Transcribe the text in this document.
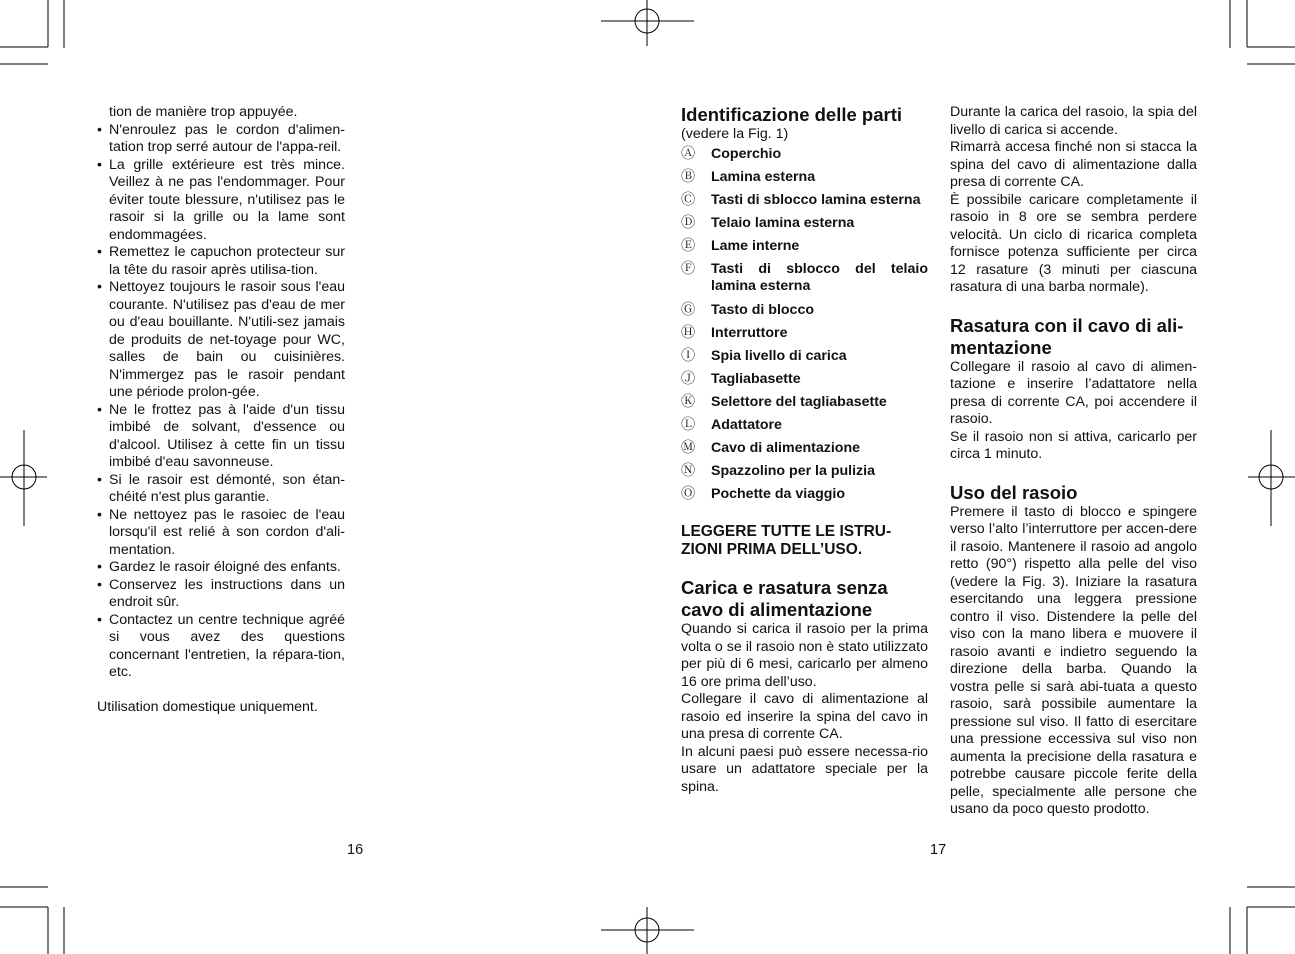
tion de manière trop appuyée.

• N'enroulez pas le cordon d'alimen-tation trop serré autour de l'appa-reil.
• La grille extérieure est très mince. Veillez à ne pas l'endommager. Pour éviter toute blessure, n'utilisez pas le rasoir si la grille ou la lame sont endommagées.
• Remettez le capuchon protecteur sur la tête du rasoir après utilisa-tion.
• Nettoyez toujours le rasoir sous l'eau courante. N'utilisez pas d'eau de mer ou d'eau bouillante. N'utili-sez jamais de produits de net-toyage pour WC, salles de bain ou cuisinières. N'immergez pas le rasoir pendant une période prolon-gée.
• Ne le frottez pas à l'aide d'un tissu imbibé de solvant, d'essence ou d'alcool. Utilisez à cette fin un tissu imbibé d'eau savonneuse.
• Si le rasoir est démonté, son étan-chéité n'est plus garantie.
• Ne nettoyez pas le rasoiec de l'eau lorsqu'il est relié à son cordon d'ali-mentation.
• Gardez le rasoir éloigné des enfants.
• Conservez les instructions dans un endroit sûr.
• Contactez un centre technique agréé si vous avez des questions concernant l'entretien, la répara-tion, etc.

Utilisation domestique uniquement.

16
Identificazione delle parti

(vedere la Fig. 1)

Ⓐ Coperchio
Ⓑ Lamina esterna
Ⓒ Tasti di sblocco lamina esterna
Ⓓ Telaio lamina esterna
Ⓔ Lame interne
Ⓕ Tasti di sblocco del telaio lamina esterna
Ⓖ Tasto di blocco
Ⓗ Interruttore
Ⓘ Spia livello di carica
Ⓙ Tagliabasette
Ⓚ Selettore del tagliabasette
Ⓛ Adattatore
Ⓜ Cavo di alimentazione
Ⓝ Spazzolino per la pulizia
Ⓞ Pochette da viaggio
LEGGERE TUTTE LE ISTRU-ZIONI PRIMA DELL’USO.
Carica e rasatura senza cavo di alimentazione

Quando si carica il rasoio per la prima volta o se il rasoio non è stato utilizzato per più di 6 mesi, caricarlo per almeno 16 ore prima dell’uso.

Collegare il cavo di alimentazione al rasoio ed inserire la spina del cavo in una presa di corrente CA.

In alcuni paesi può essere necessa-rio usare un adattatore speciale per la spina.

Durante la carica del rasoio, la spia del livello di carica si accende.

Rimarrà accesa finché non si stacca la spina del cavo di alimentazione dalla presa di corrente CA.

È possibile caricare completamente il rasoio in 8 ore se sembra perdere velocità. Un ciclo di ricarica completa fornisce potenza sufficiente per circa 12 rasature (3 minuti per ciascuna rasatura di una barba normale).

Rasatura con il cavo di ali-mentazione

Collegare il rasoio al cavo di alimen-tazione e inserire l’adattatore nella presa di corrente CA, poi accendere il rasoio.

Se il rasoio non si attiva, caricarlo per circa 1 minuto.

Uso del rasoio

Premere il tasto di blocco e spingere verso l’alto l’interruttore per accen-dere il rasoio. Mantenere il rasoio ad angolo retto (90°) rispetto alla pelle del viso (vedere la Fig. 3). Iniziare la rasatura esercitando una leggera pressione contro il viso. Distendere la pelle del viso con la mano libera e muovere il rasoio avanti e indietro seguendo la direzione della barba. Quando la vostra pelle si sarà abi-tuata a questo rasoio, sarà possibile aumentare la pressione sul viso. Il fatto di esercitare una pressione eccessiva sul viso non aumenta la precisione della rasatura e potrebbe causare piccole ferite della pelle, specialmente alle persone che usano da poco questo prodotto.

17
